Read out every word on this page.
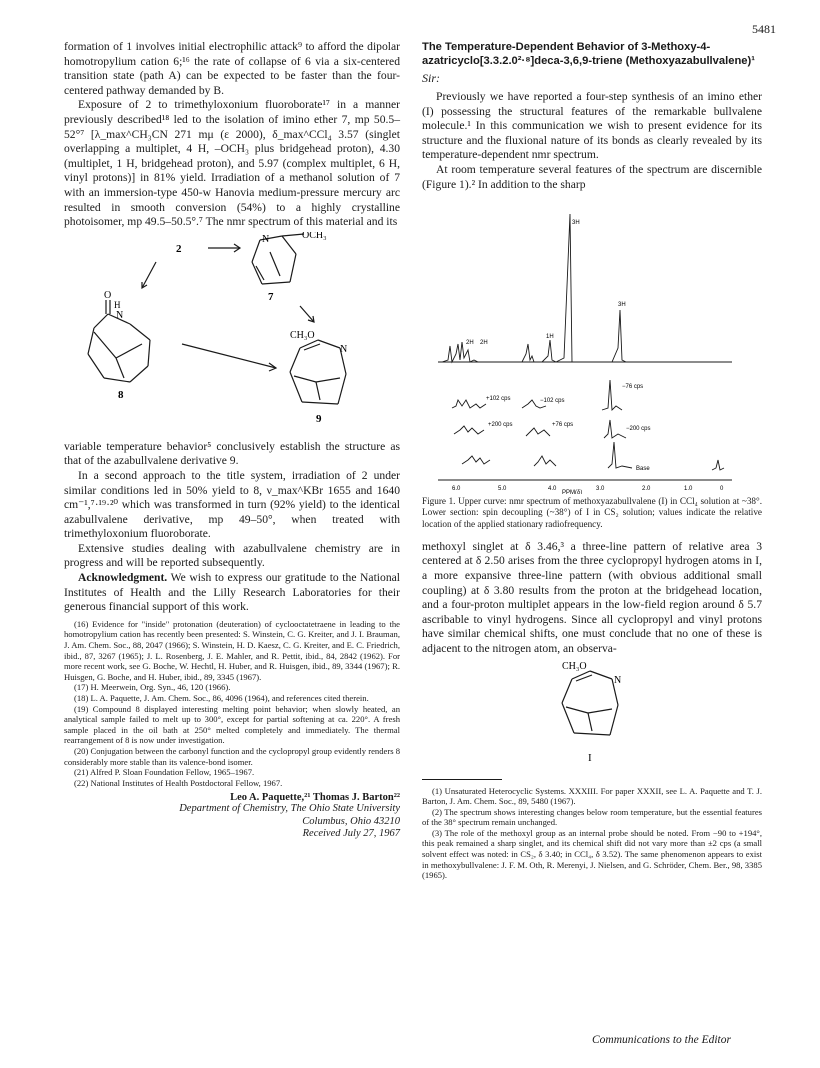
5481

formation of 1 involves initial electrophilic attack⁹ to afford the dipolar homotropylium cation 6;¹⁶ the rate of collapse of 6 via a six-centered transition state (path A) can be expected to be faster than the four-centered pathway demanded by B.

Exposure of 2 to trimethyloxonium fluoroborate¹⁷ in a manner previously described¹⁸ led to the isolation of imino ether 7, mp 50.5–52°⁷ [λ_max^CH₃CN 271 mμ (ε 2000), δ_max^CCl₄ 3.57 (singlet overlapping a multiplet, 4 H, –OCH₃ plus bridgehead proton), 4.30 (multiplet, 1 H, bridgehead proton), and 5.97 (complex multiplet, 6 H, vinyl protons)] in 81% yield. Irradiation of a methanol solution of 7 with an immersion-type 450-w Hanovia medium-pressure mercury arc resulted in smooth conversion (54%) to a highly crystalline photoisomer, mp 49.5–50.5°.⁷ The nmr spectrum of this material and its

2
N	OCH₃
7
O
H
N
8
CH₃O
N
9

variable temperature behavior⁵ conclusively establish the structure as that of the azabullvalene derivative 9.

In a second approach to the title system, irradiation of 2 under similar conditions led in 50% yield to 8, ν_max^KBr 1655 and 1640 cm⁻¹,⁷·¹⁹·²⁰ which was transformed in turn (92% yield) to the identical azabullvalene derivative, mp 49–50°, when treated with trimethyloxonium fluoroborate.

Extensive studies dealing with azabullvalene chemistry are in progress and will be reported subsequently.

Acknowledgment. We wish to express our gratitude to the National Institutes of Health and the Lilly Research Laboratories for their generous financial support of this work.

(16) Evidence for "inside" protonation (deuteration) of cyclooctatetraene in leading to the homotropylium cation has recently been presented: S. Winstein, C. G. Kreiter, and J. I. Brauman, J. Am. Chem. Soc., 88, 2047 (1966); S. Winstein, H. D. Kaesz, C. G. Kreiter, and E. C. Friedrich, ibid., 87, 3267 (1965); J. L. Rosenberg, J. E. Mahler, and R. Pettit, ibid., 84, 2842 (1962). For more recent work, see G. Boche, W. Hechtl, H. Huber, and R. Huisgen, ibid., 89, 3344 (1967); R. Huisgen, G. Boche, and H. Huber, ibid., 89, 3345 (1967).

(17) H. Meerwein, Org. Syn., 46, 120 (1966).

(18) L. A. Paquette, J. Am. Chem. Soc., 86, 4096 (1964), and references cited therein.

(19) Compound 8 displayed interesting melting point behavior; when slowly heated, an analytical sample failed to melt up to 300°, except for partial softening at ca. 220°. A fresh sample placed in the oil bath at 250° melted completely and immediately. The thermal rearrangement of 8 is now under investigation.

(20) Conjugation between the carbonyl function and the cyclopropyl group evidently renders 8 considerably more stable than its valence-bond isomer.

(21) Alfred P. Sloan Foundation Fellow, 1965–1967.

(22) National Institutes of Health Postdoctoral Fellow, 1967.

Leo A. Paquette,²¹ Thomas J. Barton²²
Department of Chemistry, The Ohio State University
Columbus, Ohio 43210
Received July 27, 1967
The Temperature-Dependent Behavior of 3-Methoxy-4-azatricyclo[3.3.2.0²·⁸]deca-3,6,9-triene (Methoxyazabullvalene)¹
Sir:

Previously we have reported a four-step synthesis of an imino ether (I) possessing the structural features of the remarkable bullvalene molecule.¹ In this communication we wish to present evidence for its structure and the fluxional nature of its bonds as clearly revealed by its temperature-dependent nmr spectrum.

At room temperature several features of the spectrum are discernible (Figure 1).² In addition to the sharp

2H 2H
1H
3H
3H
+102 cps	−102 cps
−76 cps
+200 cps	+76 cps
−200 cps
Base
6.0	5.0	4.0	3.0	2.0	1.0	0
PPM(δ)

Figure 1. Upper curve: nmr spectrum of methoxyazabullvalene (I) in CCl₄ solution at ~38°. Lower section: spin decoupling (~38°) of I in CS₂ solution; values indicate the relative location of the applied stationary radiofrequency.

methoxyl singlet at δ 3.46,³ a three-line pattern of relative area 3 centered at δ 2.50 arises from the three cyclopropyl hydrogen atoms in I, a more expansive three-line pattern (with obvious additional small coupling) at δ 3.80 results from the proton at the bridgehead location, and a four-proton multiplet appears in the low-field region around δ 5.7 ascribable to vinyl hydrogens. Since all cyclopropyl and vinyl protons have similar chemical shifts, one must conclude that no one of these is adjacent to the nitrogen atom, an observa-

CH₃O
N
I

(1) Unsaturated Heterocyclic Systems. XXXIII. For paper XXXII, see L. A. Paquette and T. J. Barton, J. Am. Chem. Soc., 89, 5480 (1967).

(2) The spectrum shows interesting changes below room temperature, but the essential features of the 38° spectrum remain unchanged.

(3) The role of the methoxyl group as an internal probe should be noted. From −90 to +194°, this peak remained a sharp singlet, and its chemical shift did not vary more than ±2 cps (a small solvent effect was noted: in CS₂, δ 3.40; in CCl₄, δ 3.52). The same phenomenon appears to exist in methoxybullvalene: J. F. M. Oth, R. Merenyi, J. Nielsen, and G. Schröder, Chem. Ber., 98, 3385 (1965).

Communications to the Editor
